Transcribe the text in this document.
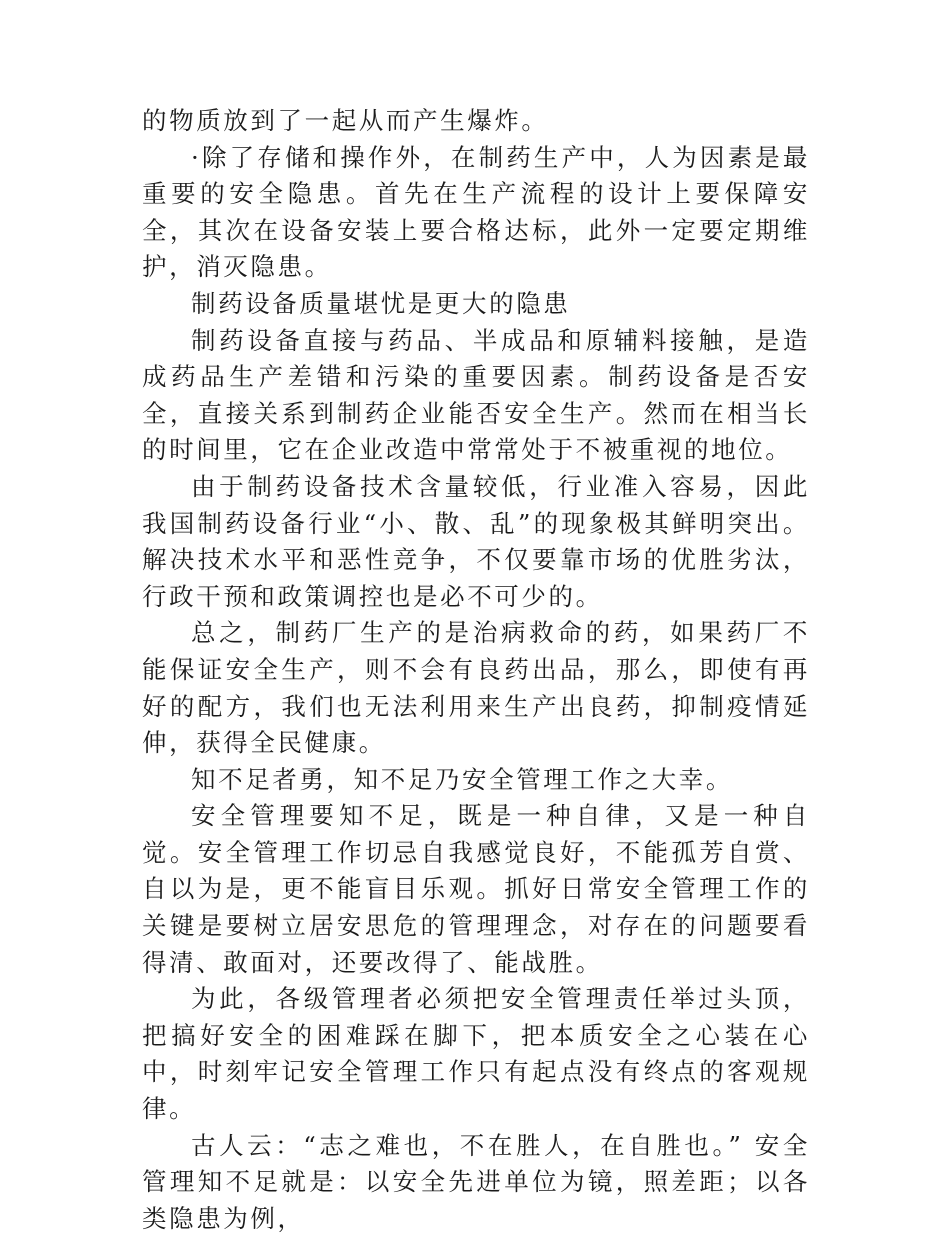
的物质放到了一起从而产生爆炸。

·除了存储和操作外，在制药生产中，人为因素是最重要的安全隐患。首先在生产流程的设计上要保障安全，其次在设备安装上要合格达标，此外一定要定期维护，消灭隐患。

制药设备质量堪忧是更大的隐患

制药设备直接与药品、半成品和原辅料接触，是造成药品生产差错和污染的重要因素。制药设备是否安全，直接关系到制药企业能否安全生产。然而在相当长的时间里，它在企业改造中常常处于不被重视的地位。

由于制药设备技术含量较低，行业准入容易，因此我国制药设备行业“小、散、乱”的现象极其鲜明突出。解决技术水平和恶性竞争，不仅要靠市场的优胜劣汰，行政干预和政策调控也是必不可少的。

总之，制药厂生产的是治病救命的药，如果药厂不能保证安全生产，则不会有良药出品，那么，即使有再好的配方，我们也无法利用来生产出良药，抑制疫情延伸，获得全民健康。

知不足者勇，知不足乃安全管理工作之大幸。

安全管理要知不足，既是一种自律，又是一种自觉。安全管理工作切忌自我感觉良好，不能孤芳自赏、自以为是，更不能盲目乐观。抓好日常安全管理工作的关键是要树立居安思危的管理理念，对存在的问题要看得清、敢面对，还要改得了、能战胜。

为此，各级管理者必须把安全管理责任举过头顶，把搞好安全的困难踩在脚下，把本质安全之心装在心中，时刻牢记安全管理工作只有起点没有终点的客观规律。

古人云：“志之难也，不在胜人，在自胜也。” 安全管理知不足就是：以安全先进单位为镜，照差距；以各类隐患为例，
